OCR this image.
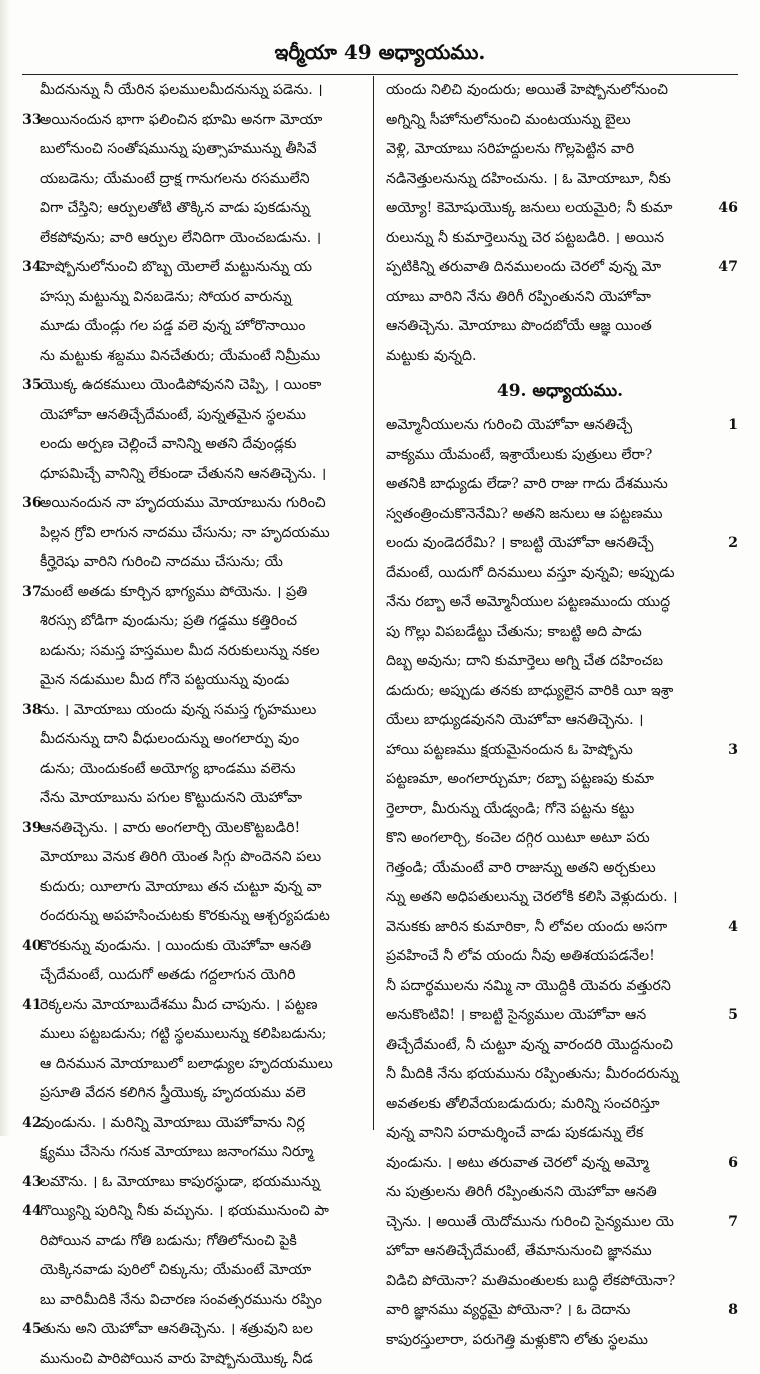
ఇర్మీయా 49 అధ్యాయము.
మీదనున్ను నీ యేరిన ఫలములమీదనున్ను పడెను. ।
33
అయినందున భాగా ఫలించిన భూమి అనగా మోయా
బులోనుంచి సంతోషమున్ను పుత్సాహమున్ను తీసివే
యబడెను; యేమంటే ద్రాక్ష గానుగలను రసములేని
విగా చేస్తిని; ఆర్పులతోటి తొక్కిన వాడు పుకడున్ను
లేకపోవును; వారి ఆర్పుల లేనిదిగా యెంచబడును. ।
34
హెష్బోనులోనుంచి బొబ్బ యెలాలే మట్టునున్ను య
హస్సు మట్టున్ను వినబడెను; సోయర వారున్ను
మూడు యేండ్లు గల పడ్డ వలె వున్న హోరొనాయిం
ను మట్టుకు శబ్దము వినచేతురు; యేమంటే నిమ్రీము
35
యొక్క ఉదకములు యెండిపోవునని చెప్పి, । యింకా
యెహోవా ఆనతిచ్చేదేమంటే, పున్నతమైన స్థలము
లందు అర్పణ చెల్లించే వానిన్ని అతని దేవుండ్లకు
ధూపమిచ్చే వానిన్ని లేకుండా చేతునని ఆనతిచ్చెను. ।
36
అయినందున నా హృదయము మోయాబును గురించి
పిల్లన గ్రోవి లాగున నాదము చేసును; నా హృదయము
కీర్హెరెషు వారిని గురించి నాదము చేసును; యే
37
మంటే అతడు కూర్చిన భాగ్యము పోయెను. । ప్రతి
శిరస్సు బోడిగా వుండును; ప్రతి గడ్డము కత్తిరించ
బడును; సమస్త హస్తముల మీద నరుకులున్ను నకల
మైన నడుముల మీద గోనె పట్టయున్ను వుండు
38
ను. । మోయాబు యందు వున్న సమస్త గృహములు
మీదనున్ను దాని వీధులందున్ను అంగలార్పు వుం
డును; యెందుకంటే అయోగ్య భాండము వలెను
నేను మోయాబును పగుల కొట్టుదునని యెహోవా
39
ఆనతిచ్చెను. । వారు అంగలార్చి యెలకొట్టబడిరి!
మోయాబు వెనుక తిరిగి యెంత సిగ్గు పొందెనని పలు
కుదురు; యీలాగు మోయాబు తన చుట్టూ వున్న వా
రందరున్ను అపహసించుటకు కొరకున్ను ఆశ్చర్యపడుట
40
కొరకున్ను వుండును. । యిందుకు యెహోవా ఆనతి
చ్చేదేమంటే, యిదుగో అతడు గద్దలాగున యెగిరి
41
రెక్కలను మోయాబుదేశము మీద చాపును. । పట్టణ
ములు పట్టబడును; గట్టి స్థలములున్ను కలిపిబడును;
ఆ దినమున మోయాబులో బలాఢ్యుల హృదయములు
ప్రసూతి వేదన కలిగిన స్త్రీయొక్క హృదయము వలె
42
వుండును. । మరిన్ని మోయాబు యెహోవాను నిర్ల
క్ష్యము చేసెను గనుక మోయాబు జనాంగము నిర్మూ
43
లమౌను. । ఓ మోయాబు కాపురస్థుడా, భయమున్ను
44
గొయ్యిన్ని పురిన్ని నీకు వచ్చును. । భయమునుంచి పా
రిపోయిన వాడు గోతి బడును; గోతిలోనుంచి పైకి
యెక్కినవాడు పురిలో చిక్కును; యేమంటే మోయా
బు వారిమీదికి నేను విచారణ సంవత్సరమును రప్పిం
45
తును అని యెహోవా ఆనతిచ్చెను. । శత్రువుని బల
మునుంచి పారిపోయిన వారు హెష్బోనుయొక్క నీడ
యందు నిలిచి వుందురు; అయితే హెష్బోనులోనుంచి
అగ్నిన్ని సీహోనులోనుంచి మంటయున్ను బైలు
వెళ్లి, మోయాబు సరిహద్దులను గొల్లపెట్టిన వారి
నడినెత్తులనున్ను దహించును. । ఓ మోయాబూ, నీకు
46
అయ్యో! కెమోషుయొక్క జనులు లయమైరి; నీ కుమా
రులున్ను నీ కుమార్తెలున్ను చెర పట్టబడిరి. । అయిన
47
ప్పటికిన్ని తరువాతి దినములందు చెరలో వున్న మో
యాబు వారిని నేను తిరిగీ రప్పింతునని యెహోవా
ఆనతిచ్చెను. మోయాబు పొందబోయే ఆజ్ఞ యింత
మట్టుకు వున్నది.
49. అధ్యాయము.
1
అమ్మోనీయులను గురించి యెహోవా ఆనతిచ్చే
వాక్యము యేమంటే, ఇశ్రాయేలుకు పుత్రులు లేరా?
అతనికి బాధ్యుడు లేడా? వారి రాజు గాదు దేశమును
స్వతంత్రించుకొనెనేమి? అతని జనులు ఆ పట్టణము
2
లందు వుండెదరేమి? । కాబట్టి యెహోవా ఆనతిచ్చే
దేమంటే, యిదుగో దినములు వస్తూ వున్నవి; అప్పుడు
నేను రబ్బా అనే అమ్మోనీయుల పట్టణముందు యుద్ధ
పు గొల్లు విపబడేట్టు చేతును; కాబట్టి అది పాడు
దిబ్బ అవును; దాని కుమార్తెలు అగ్ని చేత దహించబ
డుదురు; అప్పుడు తనకు బాధ్యులైన వారికి యీ ఇశ్రా
యేలు బాధ్యుడవునని యెహోవా ఆనతిచ్చెను. ।
3
హాయి పట్టణము క్షయమైనందున ఓ హెష్బోను
పట్టణమా, అంగలార్చుమా; రబ్బా పట్టణపు కుమా
ర్తెలారా, మీరున్ను యేడ్వండి; గోనె పట్టను కట్టు
కొని అంగలార్చి, కంచెల దగ్గిర యిటూ అటూ పరు
గెత్తండి; యేమంటే వారి రాజున్ను అతని అర్చకులు
న్ను అతని అధిపతులున్ను చెరలోకి కలిసి వెళ్లుదురు. ।
4
వెనుకకు జారిన కుమారికా, నీ లోవల యందు అసగా
ప్రవహించే నీ లోవ యందు నీవు అతిశయపడనేల!
నీ పదార్థములను నమ్మి నా యొద్దికి యెవరు వత్తురని
5
అనుకొంటివి! । కాబట్టి సైన్యముల యెహోవా ఆన
తిచ్చేదేమంటే, నీ చుట్టూ వున్న వారందరి యొద్దనుంచి
నీ మీదికి నేను భయమును రప్పింతును; మీరందరున్ను
అవతలకు తోలివేయబడుదురు; మరిన్ని సంచరిస్తూ
వున్న వానిని పరామర్శించే వాడు పుకడున్ను లేక
6
వుండును. । అటు తరువాత చెరలో వున్న అమ్మో
ను పుత్రులను తిరిగీ రప్పింతునని యెహోవా ఆనతి
7
చ్చెను. । అయితే యెదోమును గురించి సైన్యముల యె
హోవా ఆనతిచ్చేదేమంటే, తేమానునుంచి జ్ఞానము
విడిచి పోయెనా? మతిమంతులకు బుద్ధి లేకపోయెనా?
8
వారి జ్ఞానము వ్యర్థమై పోయెనా? । ఓ దెదాను
కాపురస్తులారా, పరుగెత్తి మళ్లుకొని లోతు స్థలము
